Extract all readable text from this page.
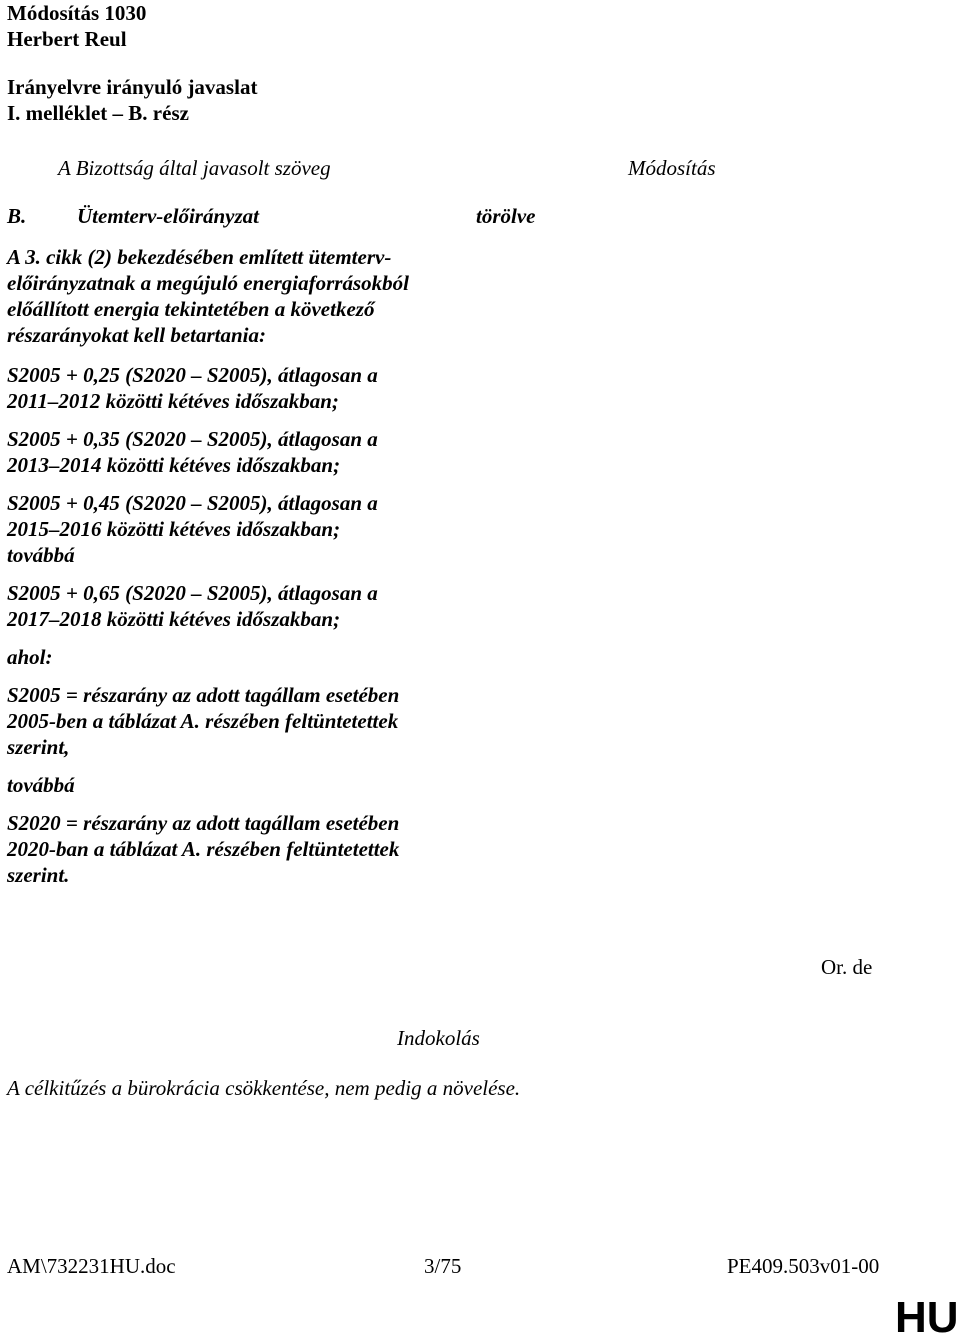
Módosítás 1030
Herbert Reul
Irányelvre irányuló javaslat
I. melléklet – B. rész
A Bizottság által javasolt szöveg	Módosítás
B. Ütemterv-előirányzat	törölve

A 3. cikk (2) bekezdésében említett ütemterv-előirányzatnak a megújuló energiaforrásokból előállított energia tekintetében a következő részarányokat kell betartania:

S2005 + 0,25 (S2020 – S2005), átlagosan a 2011–2012 közötti kétéves időszakban;

S2005 + 0,35 (S2020 – S2005), átlagosan a 2013–2014 közötti kétéves időszakban;

S2005 + 0,45 (S2020 – S2005), átlagosan a 2015–2016 közötti kétéves időszakban;

továbbá

S2005 + 0,65 (S2020 – S2005), átlagosan a 2017–2018 közötti kétéves időszakban;

ahol:

S2005 = részarány az adott tagállam esetében 2005-ben a táblázat A. részében feltüntetettek szerint,

továbbá

S2020 = részarány az adott tagállam esetében 2020-ban a táblázat A. részében feltüntetettek szerint.

Or. de
Indokolás
A célkitűzés a bürokrácia csökkentése, nem pedig a növelése.
AM\732231HU.doc	3/75	PE409.503v01-00
HU
